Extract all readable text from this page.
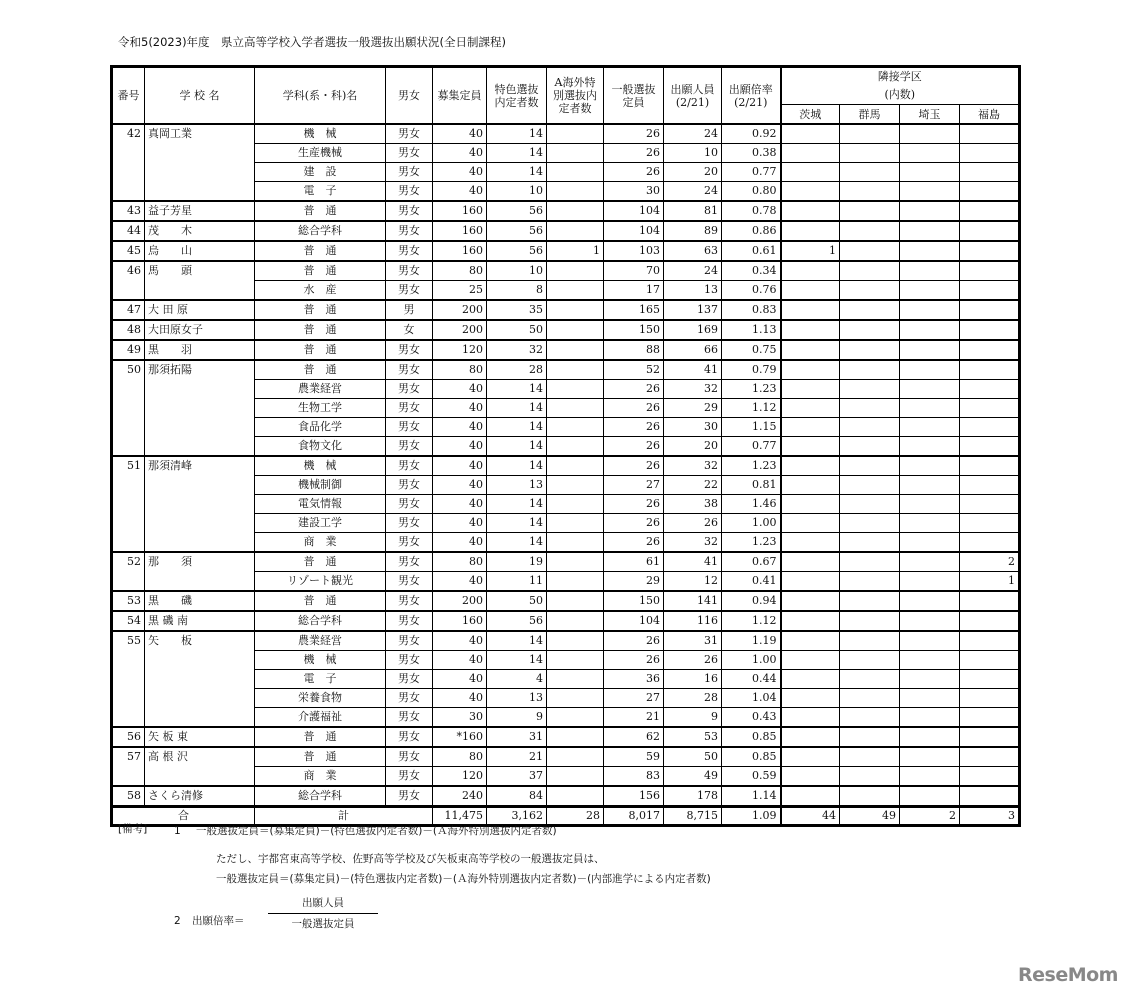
令和5(2023)年度　県立高等学校入学者選抜一般選抜出願状況(全日制課程)
番号	学 校 名	学科(系・科)名	男女	募集定員	特色選抜内定者数	A海外特別選抜内定者数	一般選抜定員	出願人員(2/21)	出願倍率(2/21)	隣接学区
(内数)			

										茨城	群馬	埼玉	福島
42	真岡工業	機　械	男女	40	14		26	24	0.92				
		生産機械	男女	40	14		26	10	0.38				
		建　設	男女	40	14		26	20	0.77				
		電　子	男女	40	10		30	24	0.80				
43	益子芳星	普　通	男女	160	56		104	81	0.78				
44	茂　　木	総合学科	男女	160	56		104	89	0.86				
45	烏　　山	普　通	男女	160	56	1	103	63	0.61	1			
46	馬　　頭	普　通	男女	80	10		70	24	0.34				
		水　産	男女	25	8		17	13	0.76				
47	大 田 原	普　通	男	200	35		165	137	0.83				
48	大田原女子	普　通	女	200	50		150	169	1.13				
49	黒　　羽	普　通	男女	120	32		88	66	0.75				
50	那須拓陽	普　通	男女	80	28		52	41	0.79				
		農業経営	男女	40	14		26	32	1.23				
		生物工学	男女	40	14		26	29	1.12				
		食品化学	男女	40	14		26	30	1.15				
		食物文化	男女	40	14		26	20	0.77				
51	那須清峰	機　械	男女	40	14		26	32	1.23				
		機械制御	男女	40	13		27	22	0.81				
		電気情報	男女	40	14		26	38	1.46				
		建設工学	男女	40	14		26	26	1.00				
		商　業	男女	40	14		26	32	1.23				
52	那　　須	普　通	男女	80	19		61	41	0.67				2
		リゾート観光	男女	40	11		29	12	0.41				1
53	黒　　磯	普　通	男女	200	50		150	141	0.94				
54	黒 磯 南	総合学科	男女	160	56		104	116	1.12				
55	矢　　板	農業経営	男女	40	14		26	31	1.19				
		機　械	男女	40	14		26	26	1.00				
		電　子	男女	40	4		36	16	0.44				
		栄養食物	男女	40	13		27	28	1.04				
		介護福祉	男女	30	9		21	9	0.43				
56	矢 板 東	普　通	男女	*160	31		62	53	0.85				
57	高 根 沢	普　通	男女	80	21		59	50	0.85				
		商　業	男女	120	37		83	49	0.59				
58	さくら清修	総合学科	男女	240	84		156	178	1.14				
合		計		11,475	3,162	28	8,017	8,715	1.09	44	49	2	3
[備考]	1 一般選抜定員＝(募集定員)－(特色選抜内定者数)－(Ａ海外特別選抜内定者数)
ただし、宇都宮東高等学校、佐野高等学校及び矢板東高等学校の一般選抜定員は、
一般選抜定員＝(募集定員)－(特色選抜内定者数)－(Ａ海外特別選抜内定者数)－(内部進学による内定者数)
2 出願倍率＝
出願人員
一般選抜定員
ReseMom
